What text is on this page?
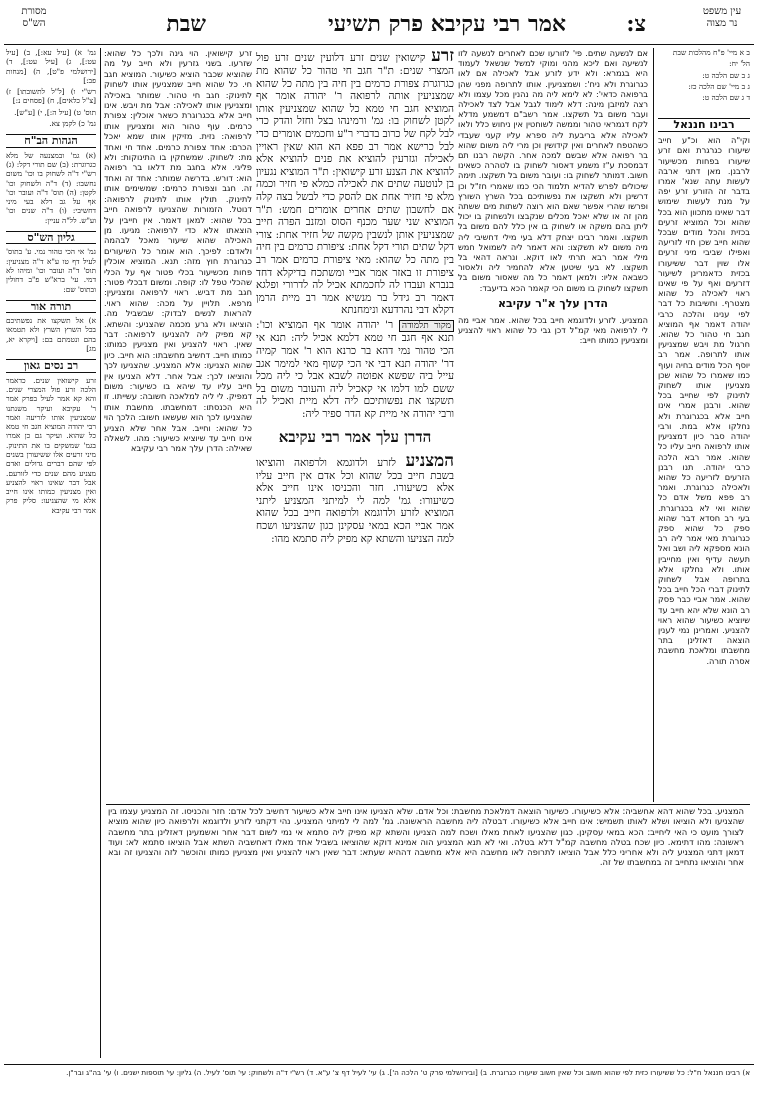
עין משפט
נר מצוה
צ:
אמר רבי עקיבא פרק תשיעי
שבת
מסורת
הש"ס

ב א מיי' פ"ח מהלכות שבת

הל' יח:

ג ב שם הלכה ט:

ג ב מיי' שם הלכה כז:

ד ג שם הלכה ט:

רבינו חננאל

וקי"ה הוא וכ"ע חייב שיעורו כגרגרת ואם זרע שיעורו בפחות מכשיעור לרבנן. מאן דתני ארבה לעשות עתה שנא' אמרו בדבר זה הזורע זרע יפה על מנת לעשות שימוש דבר שאינו מתכוון הוא בכל שהוא וכל המוציא זרעים בכזית והכל מודים שבכל שהוא חייב שכן חזי לזריעה ואפילו שביבי מיני זרעים אלו שוין דבר ששיעורו בכזית כדאמרינן לשיעור דזרעים ואף על פי שאינו ראוי לאכילה כל שהוא מצטרף. וחשיבות כל דבר לפי ענינו והלכה כרבי יהודה דאמר אף המוציא חגב חי טהור כל שהוא. חרגול מת ויבש שמצניעין אותו לתרופה. אמר רב יוסף הכל מודים בחיה ועוף כמו שאמרו כל שהוא שכן מצניעין אותו לשחוק לתינוק לפי שחייב בכל שהוא. ורבנן אמרי אינו חייב אלא בכגרוגרת ולא נחלקו אלא במת. ורבי יהודה סבר כיון דמצניעין אותו לרפואה חייב עליו כל שהוא. אמר רבא הלכה כרבי יהודה. תנו רבנן הזרעים לזריעה כל שהוא ולאכילה כגרוגרת. ואמר רב פפא משל אדם כל שהוא ואי לא בכגרוגרת. בעי רב חסדא דבר שהוא ספק כל שהוא ספק כגרוגרת מאי אמר ליה רב הונא מספקא ליה ושב ואל תעשה עדיף ואין מחייבין אותו. ולא נחלקו אלא בתרופה אבל לשחוק לתינוק דברי הכל חייב בכל שהוא. אמר אביי כבר פסק רב הונא שלא יהא חייב עד שיוציא כשיעור שהוא ראוי להצניע. ואמרינן נמי לענין הוצאה דאזלינן בתר מחשבתו ומלאכת מחשבת אסרה תורה.

אם לנשעה שתים. פי' לזורעו שכם לאחרים לנשעה לזו לנשיעה ואם ליכא מהני ומוקי למשל שנשאל לעמוד היא בגמרא: ולא ידע לזרע אבל לאכילה אם לאו כגרוגרת ולא ניח': ושמצניעין. אותו לתרופה מפני שהן ברפואה כדאי': לא לימא ליה מה נהנין מכל עצמו ולא רצה למיזבן מינה: דלא לימוד לגבל אבל לצד לאכילה ועבר משום בל תשקצו. אמר רשב"ם דמשמע מדלא לקח דגמראי טהור וממשה לשוחטין אין ניחוש כלל ולאו לאכילה אלא בריבעת ליה ספרא עליו קעני שעבדי כשהטפח לאחרים ואין קידושין וכן מרי ליה משום שהוא בר רפואה אלא שבשם למכה אחר. הקשה רבנו תם דבמסכת ע"ז משמע דאסור לשחוק בו לטהרה כשאינו חשוב. דמותר לשחוק בו: ועובר משום בל תשקצו. תימה שיכולים לפרש להדיא תלמוד הכי כמו שאמרי חז"ל וכן דרשינן ולא תשקצו את נפשותיכם בכל השרץ השורץ ופרשו שהרי אפשר שאם הוא רוצה לשתות מים ששתה מהן זה או שלא יאכל מכלים שנקבצו ולנשחוק בו יכול ליתן בהם משקה או לשחוק בו אין כלל להם משום בל תשקצו. ואמר רבינו יצחק דלא בעי מילי דחשיבי ליה מיה משום לא תשקצו: והא דאמר ליה לשמואל חמש מילי אמר רבא תרתי לאו דוקא. ונראה דהאי בל תשקצו. לא בעי שיטען אלא להחמיר ליה ולאסור כשבאה אליו: ולמאן דאמר כל מה שאסור משום בל תשקצו לשחוק בו משום הכי קאמר הכא בדיעבד:

הדרן עלך א"ר עקיבא

המצניע. לזרע ולדוגמא חייב בכל שהוא. אמר אביי מה לי לרפואה מאי קמ"ל דכן גבי כל שהוא ראוי להצניע ומצניעין כמותו חייב:

זרע קישואין שנים זרע דלועין שנים זרע פול המצרי שנים: ת"ר חגב חי טהור כל שהוא מת כגרוגרת צפורת כרמים בין חיה בין מתה כל שהוא שמצניעין אותה לרפואה ר' יהודה אומר אף המוציא חגב חי טמא כל שהוא שמצניעין אותו לקטן לשחוק בו: גמ' ורמינהו בצל וחזל והדק כדי לבל לקח של כרוב בדברי ר"ע וחכמים אומרים כדי לבל כרישא אמר רב פפא הא הוא שאין ראויין לאכילה וגזרעין להוציא את פנים להוציא אלא להוציא את הצנע זרע קישואין: ת"ר המוציא נגעיון בן לנוטעה שתים את לאכילה כמלא פי חזיר וכמה מלא פי חזיר אחת אם להסק כדי לבשל בצה קלה אם לחשבון שתים אחרים אומרים חמש: ת"ר המוציא שני שער מכנף הסוס ומזנב הפרה חייב שמצניעין אותן לנשבין מקשה של חזיר אחת: צורי דקל שתים תורי דקל אחת: ציפורת כרמים בין חיה בין מתה כל שהוא: מאי ציפורת כרמים אמר רב ציפורת זו באזר אמר אביי ומשתכח בדיקלא דחד בנברא ועבדו לה לחכמתא אכיל לה לדרורי ופלגא דאמר רב גידל בר מנשיא אמר רב מיית הרמן דקלא דבי נהרדעא ונימחנתא

מקור תלמודה ר' יהודה אומר אף המוציא וכו': תנא אף חגב חי טמא דלמא אכיל ליה: תנא אי הכי טהור נמי דהא בר כרנא הוא ר' אמר קמיה דר' יהודה תנא דבי אי הכי קשוף מאי למימר אגב עייל ביה שפשא אפוטה לשבא אבל כי ליה מכל ששם למו דלמו אי קאכיל ליה והעובר משום בל תשקצו את נפשותיכם ליה דלא מיית ואכיל לה ורבי יהודה אי מיית קא הדר ספיר ליה:

הדרן עלך אמר רבי עקיבא

המצניע לזרע ולדוגמא ולרפואה והוציאו בשבת חייב בכל שהוא וכל אדם אין חייב עליו אלא כשיעורו. חזר והכניסו אינו חייב אלא כשיעורו: גמ' למה לי למיתני המצניע ליתני המוציא לזרע ולדוגמא ולרפואה חייב בכל שהוא אמר אביי הכא במאי עסקינן כגון שהצניעו ושכח למה הצניעו והשתא קא מפיק ליה סתמא מהו:

זרע קישואין. הוי גינה ולכך כל שהוא: שזרעו. בשני גזרעין ולא חייב על מה שהוציא שכבר הוציא כשיעור. המוציא חגב חי. כל שהוא חייב שמצניעין אותו לשחוק לתינוק: חגב חי טהור. שמותר באכילה ומצניעין אותו לאכילה: אבל מת ויבש. אינו חייב אלא בכגרוגרת כשאר אוכלין: צפורת כרמים. עוף טהור הוא ומצניעין אותו לרפואה: נזית. מזיקין אותו שמא יאכל הכרם: אחד צפורת כרמים. אחד חי ואחד מת: לשחוק. שמשחקין בו התינוקות: ולא פליגי. אלא בחגב מת דלאו בר רפואה הוא: דורש. בדרשה שמותר: אחד זה ואחד זה. חגב וצפורת כרמים: שמשימים אותו לתינוק. תולין אותו לתינוק לרפואה: דנוטל. הזמורות שהצניעו לרפואה חייב בכל שהוא: למאן דאמר. אין חייבין על הוצאתו אלא כדי לרפואה: מגיעו. מן האכילה שהוא שיעור מאכל לבהמה ולאדם: לפיכך. הוא אומר כל השיעורים כגרוגרת חוץ מזה: תנא. המוציא אוכלין פחות מכשיעור בכלי פטור אף על הכלי שהכלי טפל לו: קופה. ומשום דבכלי פטור: חגב מת דביש. ראוי לרפואה ומצניעין: מרפא. תלויין על מכה: שהוא ראוי. להראות לנשים לבדוק: שבשביל מה. הוציאו ולא גרע מכמה שהצניע: והשתא. קא מפיק ליה להצניעו לרפואה: דבר שאין. ראוי להצניע ואין מצניעין כמותו: כמותו חייב. דחשיב מחשבתו: הוא חייב. כיון שהוא הצניעו: אלא המצניע. שהצניעו לכך והוציאו לכך: אבל אחר. דלא הצניעו אין חייב עליו עד שיהא בו כשיעור: משום דמפיק. לי ליה למלאכה חשובה: עשייתו. זו היא הכנסתו: דמחשבתו. מחשבת אותו שהצניעו לכך הוא שעשאו חשוב: הלכך הוי כל שהוא: וחייב. אבל אחר שלא הצניע אינו חייב עד שיוציא כשיעור: מהו. לשאלה שאילה: הדרן עלך אמר רבי עקיבא

גמ' א) [עיל עא:], ב) [עיל עט:], ג) [עיל עט:], ד) [ירושלמי פ"ט], ה) [מנחות פב:]

רש"י ו) [ל"ל לתשובתו] ז) [צ"ל כלאים], ח) [פסחים נ:]

תוס' ט) [עיל ה:], י) [ע"ש].

גמ' כ) לקמן צא.

הגהות הב"ח

(א) גמ' ובמצנעה של מלא כגרוגרת: (ב) שם תורי דקל: (ג) רש"י ד"ה לשחוק בו וכו' משום נחשבו: (ד) ד"ה ולשחוק וכו' לקטן: (ה) תוס' ד"ה ועובר וכו' אף על גב דלא בעי מיני דחשיבי: (ו) ד"ה שנים וכו' וע"ש. לל"ה עניין:

גליון הש"ס

גמ' אי הכי טהור נמי. ע' בתוס' לעיל דף טו ע"א ד"ה מצניעין: תוס' ד"ה ועובר וכו' ומיהו לא דמי. עי' ברא"ש פ"ב דחולין ובתוס' שם:

תורה אור

א) אל תשקצו את נפשתיכם בכל השרץ השרץ ולא תטמאו בהם ונטמתם בם: [ויקרא יא, מג]

רב נסים גאון

זרע קישואין שנים. כדאמר הלכה זרע פול המצרי שנים. והא קא אמר לעיל בפרק אמר ר' עקיבא ועיקר משנתנו שמצניעין אותו לזריעה ואמר רבי יהודה המוציא חגב חי טמא כל שהוא. ועיקר גם כן אמרו בגמ' שמשקים בו את התינוק. מיני זרעים אלו ששיעורן בשנים לפי שהם דברים גדולים ואדם מצניע מהם שנים כדי לזורעם. אבל דבר שאינו ראוי להצניע ואין מצניעין כמותו אינו חייב אלא מי שהצניעו: סליק פרק אמר רבי עקיבא

המצניע. בכל שהוא דהא אחשביה: אלא כשיעורו. כשיעור הוצאה דמלאכת מחשבת: וכל אדם. שלא הצניעו אינו חייב אלא כשיעור דחשיב לכל אדם: חזר והכניסו. זה המצניע עצמו בין שהצניעו ולא הוציאו ושלא לאותו תשמיש: אינו חייב אלא כשיעורו. דבטלה ליה מחשבה הראשונה. גמ' למה לי למיתני המצניע. נהי דקתני לזרע ולדוגמא ולרפואה כיון שהוא מוציא לצורך מועט כי האי ליחייב: הכא במאי עסקינן. כגון שהצניעו לאחת מאלו ושכח למה הצניעו והשתא קא מפיק ליה סתמא אי נמי לשום דבר אחר ואשמעינן דאזלינן בתר מחשבה ראשונה: מהו דתימא. כיון שכח בטלה מחשבה קמ"ל דלא בטלה. ואי לא תנא המצניע הוה אמינא דוקא שהוציאו בשביל אחד מאלו דאחשביה השתא אבל הוציאו סתמא לא: ועוד דמאן דתני המצניע ליה ולא אחריני כלל אבל הוציאו לתרופה לאו מחשבה היא אלא מחשבה דההיא שעתא: דבר שאין ראוי להצניע ואין מצניעין כמותו והוכשר לזה והצניעו זה ובא אחר והוציאו נתחייב זה במחשבתו של זה.

א) רבינו חננאל ח"ל: כל ששיעורו כזית לפי שהוא חשוב וכל שאין חשוב שיעורו כגרוגרת. ב) [ובירושלמי פרק ט' הלכה ה']. ג) עי' לעיל דף צ' ע"א. ד) רש"י ד"ה ולשחוק: עי' תוס' לעיל. ה) גליון: עי' תוספות ישנים. ו) עי' בה"ג ובר"ן.
